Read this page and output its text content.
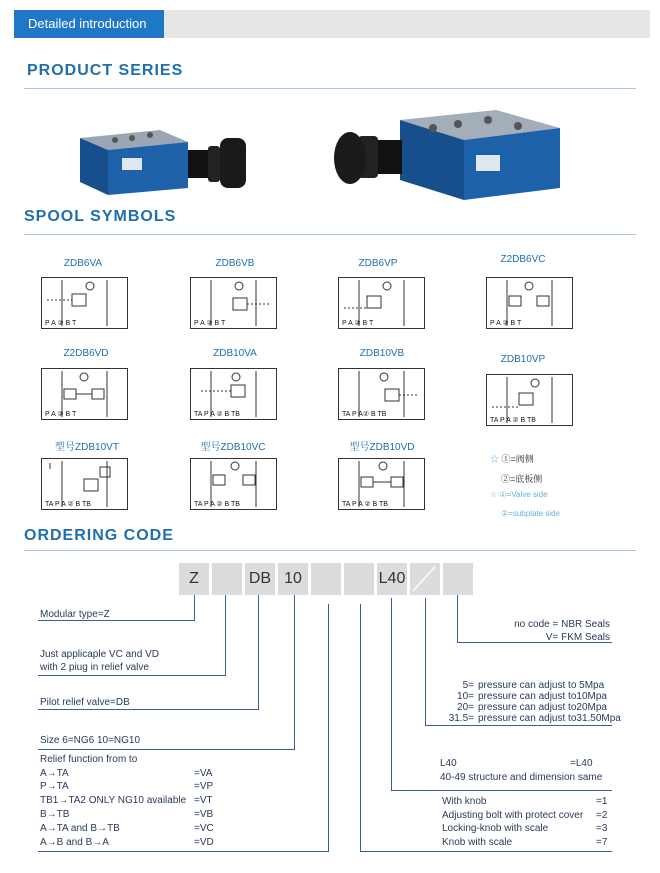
Detailed introduction
PRODUCT SERIES
SPOOL SYMBOLS
ZDB6VA
P A ② B T
ZDB6VB
P A ② B T
ZDB6VP
P A ② B T
Z2DB6VC
P A ② B T
Z2DB6VD
P A ② B T
ZDB10VA
TA P A ② B TB
ZDB10VB
TA P A② B TB
ZDB10VP
TA P A ② B TB
型号ZDB10VT
TA P A ② B TB
型号ZDB10VC
TA P A ② B TB
型号ZDB10VD
TA P A ② B TB
☆ ①=阀侧
②=底板侧
☆ ①=Valve side
②=subplate side
ORDERING CODE
Z	DB 10	L40
Modular type=Z
Just applicaple VC and VD
with 2 piug in relief valve
Pilot relief valve=DB
Size 6=NG6 10=NG10
Relief function from to
A→TA	=VA
P→TA	=VP
TB1→TA2 ONLY NG10 available =VT
B→TB	=VB
A→TA and B→TB	=VC
A→B and B→A	=VD
no code = NBR Seals
V= FKM Seals
5= pressure can adjust to 5Mpa
10= pressure can adjust to10Mpa
20= pressure can adjust to20Mpa
31.5= pressure can adjust to31.50Mpa
L40	=L40
40-49 structure and dimension same
With knob	=1
Adjusting bolt with protect cover =2
Locking-knob with scale	=3
Knob with scale	=7
